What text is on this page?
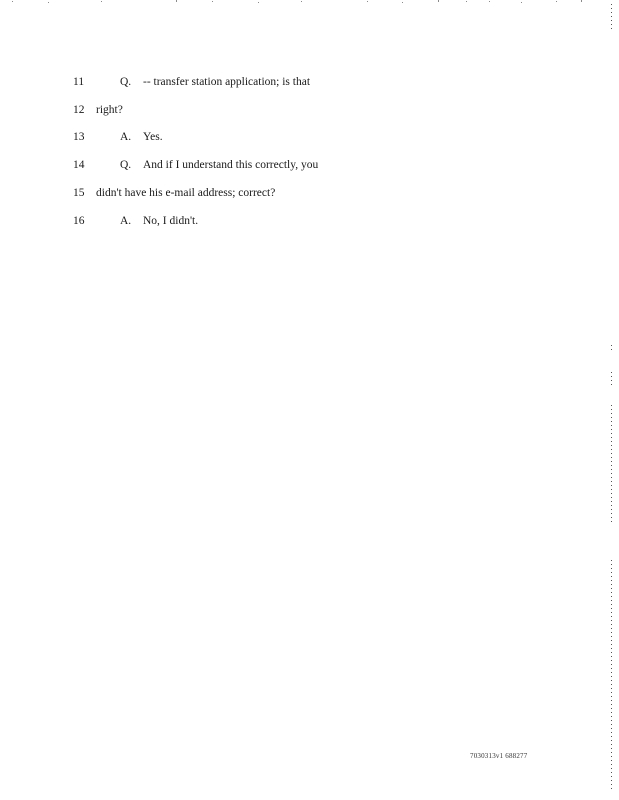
11	Q. -- transfer station application; is that
12	right?
13	A. Yes.
14	Q. And if I understand this correctly, you
15	didn't have his e-mail address; correct?
16	A. No, I didn't.
7030313v1 688277
